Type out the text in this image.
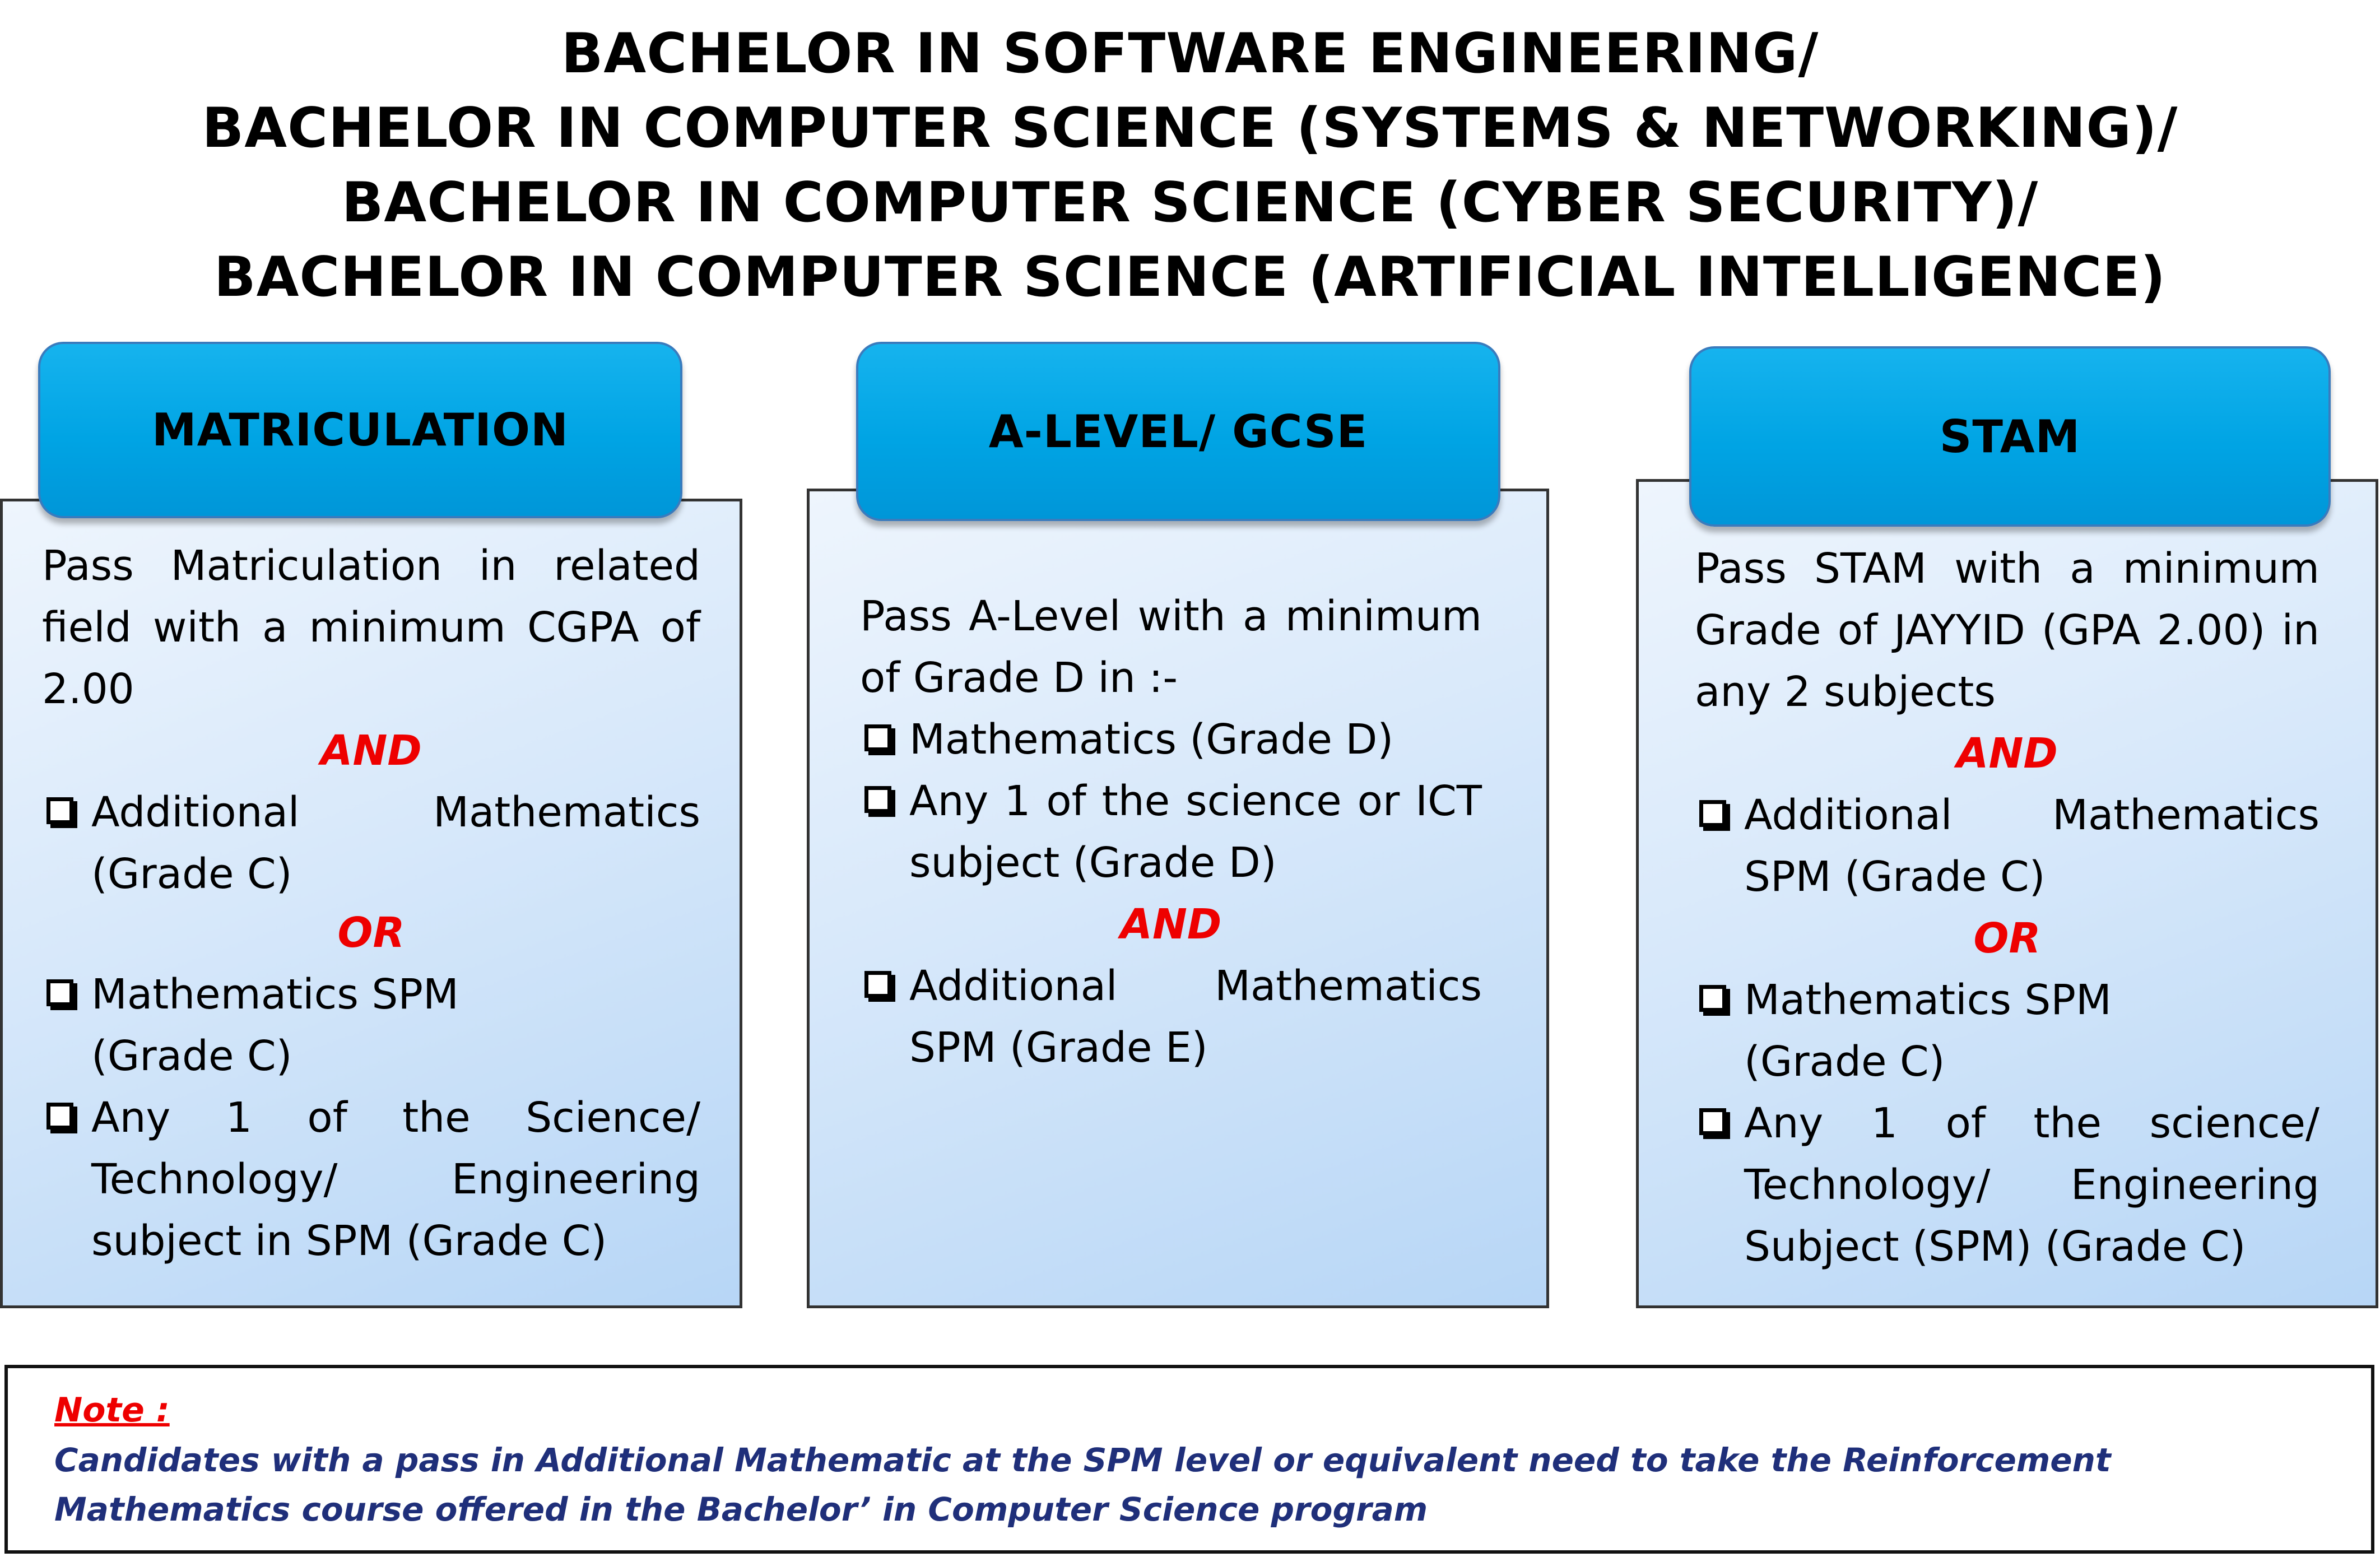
BACHELOR IN SOFTWARE ENGINEERING/
BACHELOR IN COMPUTER SCIENCE (SYSTEMS & NETWORKING)/
BACHELOR IN COMPUTER SCIENCE (CYBER SECURITY)/
BACHELOR IN COMPUTER SCIENCE (ARTIFICIAL INTELLIGENCE)
MATRICULATION

Pass Matriculation in related field with a minimum CGPA of 2.00

AND

Additional Mathematics (Grade C)

OR

Mathematics SPM
(Grade C)
Any 1 of the Science/ Technology/ Engineering subject in SPM (Grade C)
A-LEVEL/ GCSE

Pass A-Level with a minimum of Grade D in :-

Mathematics (Grade D)
Any 1 of the science or ICT subject (Grade D)

AND

Additional Mathematics SPM (Grade E)
STAM

Pass STAM with a minimum Grade of JAYYID (GPA 2.00) in any 2 subjects

AND

Additional Mathematics SPM (Grade C)

OR

Mathematics SPM
(Grade C)
Any 1 of the science/ Technology/ Engineering Subject (SPM) (Grade C)
Note :
Candidates with a pass in Additional Mathematic at the SPM level or equivalent need to take the Reinforcement Mathematics course offered in the Bachelor’ in Computer Science program
